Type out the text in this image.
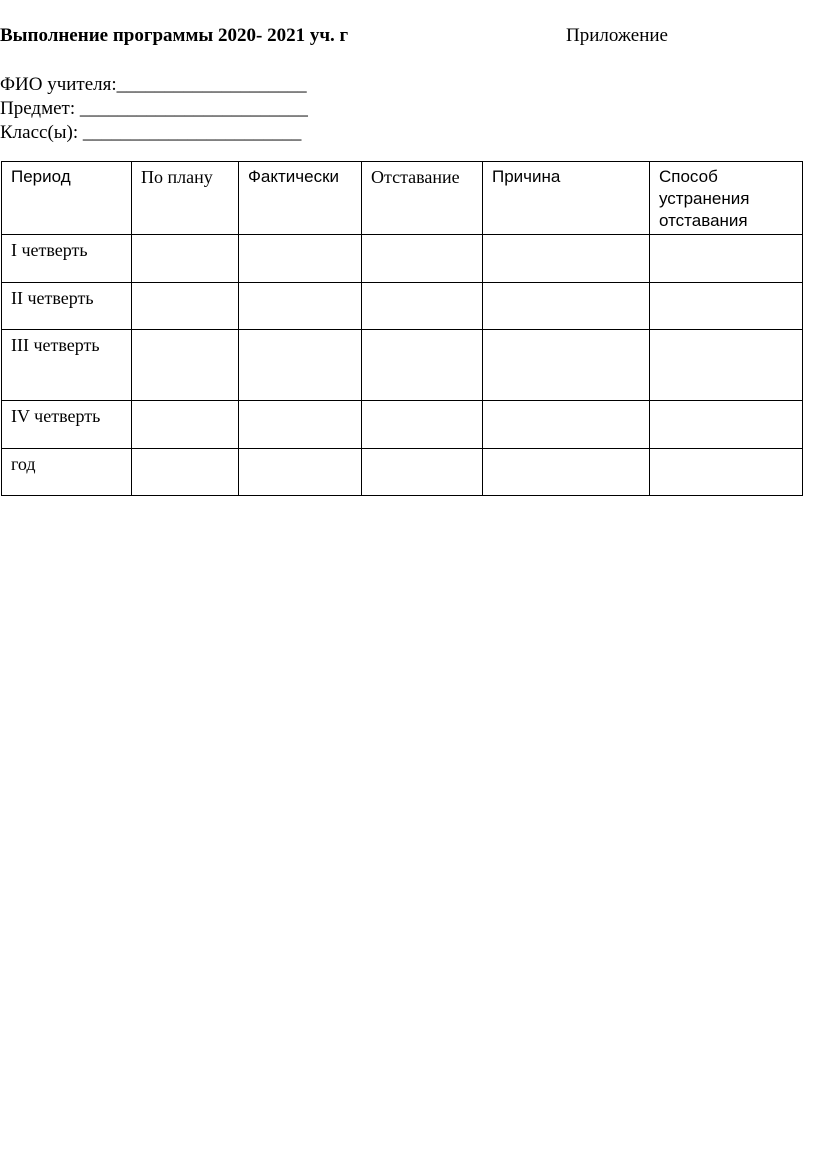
Выполнение программы 2020- 2021 уч. г	Приложение
ФИО учителя:____________________
Предмет: ________________________
Класс(ы): _______________________
Период	По плану	Фактически	Отставание	Причина	Способ устранения отставания
I четверть					
II четверть					
III четверть					
IV четверть					
год					
